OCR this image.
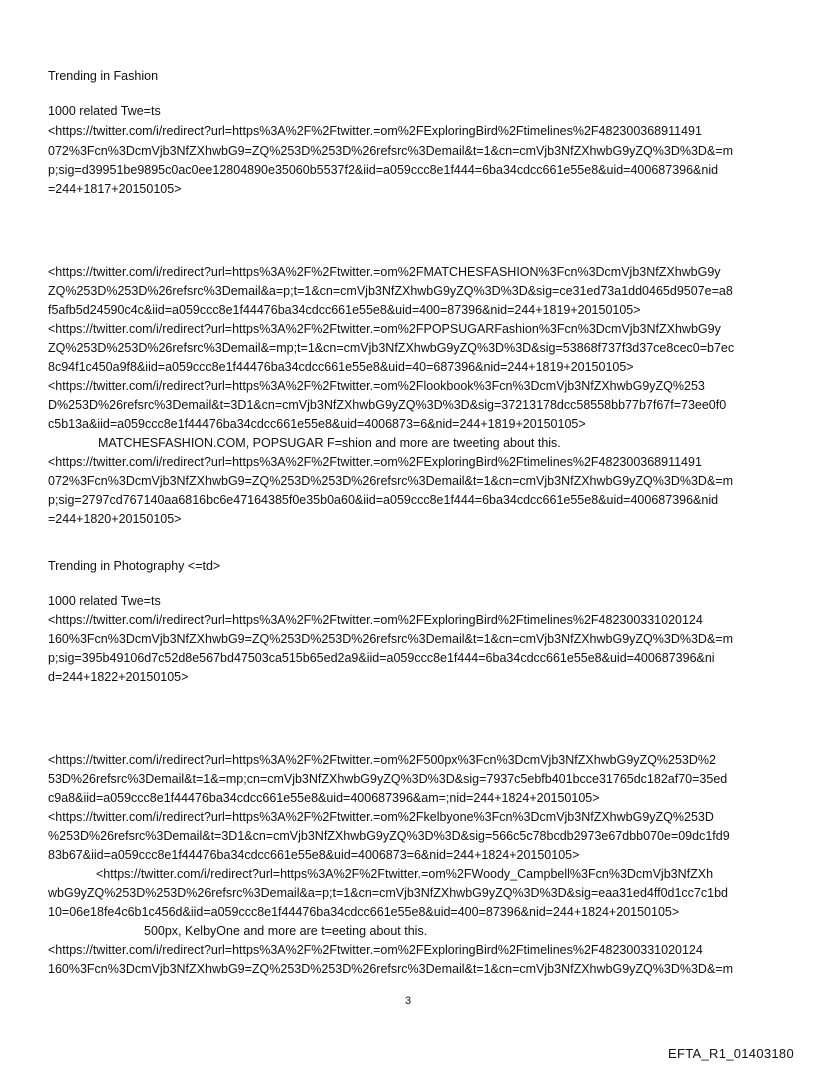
Trending in Fashion
1000 related Twe=ts
<https://twitter.com/i/redirect?url=https%3A%2F%2Ftwitter.=om%2FExploringBird%2Ftimelines%2F482300368911491
072%3Fcn%3DcmVjb3NfZXhwbG9=ZQ%253D%253D%26refsrc%3Demail&t=1&cn=cmVjb3NfZXhwbG9yZQ%3D%3D&=m
p;sig=d39951be9895c0ac0ee12804890e35060b5537f2&iid=a059ccc8e1f444=6ba34cdcc661e55e8&uid=400687396&nid
=244+1817+20150105>
<https://twitter.com/i/redirect?url=https%3A%2F%2Ftwitter.=om%2FMATCHESFASHION%3Fcn%3DcmVjb3NfZXhwbG9y
ZQ%253D%253D%26refsrc%3Demail&a=p;t=1&cn=cmVjb3NfZXhwbG9yZQ%3D%3D&sig=ce31ed73a1dd0465d9507e=a8
f5afb5d24590c4c&iid=a059ccc8e1f44476ba34cdcc661e55e8&uid=400=87396&nid=244+1819+20150105>
<https://twitter.com/i/redirect?url=https%3A%2F%2Ftwitter.=om%2FPOPSUGARFashion%3Fcn%3DcmVjb3NfZXhwbG9y
ZQ%253D%253D%26refsrc%3Demail&=mp;t=1&cn=cmVjb3NfZXhwbG9yZQ%3D%3D&sig=53868f737f3d37ce8cec0=b7ec
8c94f1c450a9f8&iid=a059ccc8e1f44476ba34cdcc661e55e8&uid=40=687396&nid=244+1819+20150105>
<https://twitter.com/i/redirect?url=https%3A%2F%2Ftwitter.=om%2Flookbook%3Fcn%3DcmVjb3NfZXhwbG9yZQ%253
D%253D%26refsrc%3Demail&t=3D1&cn=cmVjb3NfZXhwbG9yZQ%3D%3D&sig=37213178dcc58558bb77b7f67f=73ee0f0
c5b13a&iid=a059ccc8e1f44476ba34cdcc661e55e8&uid=4006873=6&nid=244+1819+20150105>
MATCHESFASHION.COM, POPSUGAR F=shion and more are tweeting about this.
<https://twitter.com/i/redirect?url=https%3A%2F%2Ftwitter.=om%2FExploringBird%2Ftimelines%2F482300368911491
072%3Fcn%3DcmVjb3NfZXhwbG9=ZQ%253D%253D%26refsrc%3Demail&t=1&cn=cmVjb3NfZXhwbG9yZQ%3D%3D&=m
p;sig=2797cd767140aa6816bc6e47164385f0e35b0a60&iid=a059ccc8e1f444=6ba34cdcc661e55e8&uid=400687396&nid
=244+1820+20150105>
Trending in Photography <=td>
1000 related Twe=ts
<https://twitter.com/i/redirect?url=https%3A%2F%2Ftwitter.=om%2FExploringBird%2Ftimelines%2F482300331020124
160%3Fcn%3DcmVjb3NfZXhwbG9=ZQ%253D%253D%26refsrc%3Demail&t=1&cn=cmVjb3NfZXhwbG9yZQ%3D%3D&=m
p;sig=395b49106d7c52d8e567bd47503ca515b65ed2a9&iid=a059ccc8e1f444=6ba34cdcc661e55e8&uid=400687396&ni
d=244+1822+20150105>
<https://twitter.com/i/redirect?url=https%3A%2F%2Ftwitter.=om%2F500px%3Fcn%3DcmVjb3NfZXhwbG9yZQ%253D%2
53D%26refsrc%3Demail&t=1&=mp;cn=cmVjb3NfZXhwbG9yZQ%3D%3D&sig=7937c5ebfb401bcce31765dc182af70=35ed
c9a8&iid=a059ccc8e1f44476ba34cdcc661e55e8&uid=400687396&am=;nid=244+1824+20150105>
<https://twitter.com/i/redirect?url=https%3A%2F%2Ftwitter.=om%2Fkelbyone%3Fcn%3DcmVjb3NfZXhwbG9yZQ%253D
%253D%26refsrc%3Demail&t=3D1&cn=cmVjb3NfZXhwbG9yZQ%3D%3D&sig=566c5c78bcdb2973e67dbb070e=09dc1fd9
83b67&iid=a059ccc8e1f44476ba34cdcc661e55e8&uid=4006873=6&nid=244+1824+20150105>
<https://twitter.com/i/redirect?url=https%3A%2F%2Ftwitter.=om%2FWoody_Campbell%3Fcn%3DcmVjb3NfZXh
wbG9yZQ%253D%253D%26refsrc%3Demail&a=p;t=1&cn=cmVjb3NfZXhwbG9yZQ%3D%3D&sig=eaa31ed4ff0d1cc7c1bd
10=06e18fe4c6b1c456d&iid=a059ccc8e1f44476ba34cdcc661e55e8&uid=400=87396&nid=244+1824+20150105>
500px, KelbyOne and more are t=eeting about this.
<https://twitter.com/i/redirect?url=https%3A%2F%2Ftwitter.=om%2FExploringBird%2Ftimelines%2F482300331020124
160%3Fcn%3DcmVjb3NfZXhwbG9=ZQ%253D%253D%26refsrc%3Demail&t=1&cn=cmVjb3NfZXhwbG9yZQ%3D%3D&=m
3
EFTA_R1_01403180
